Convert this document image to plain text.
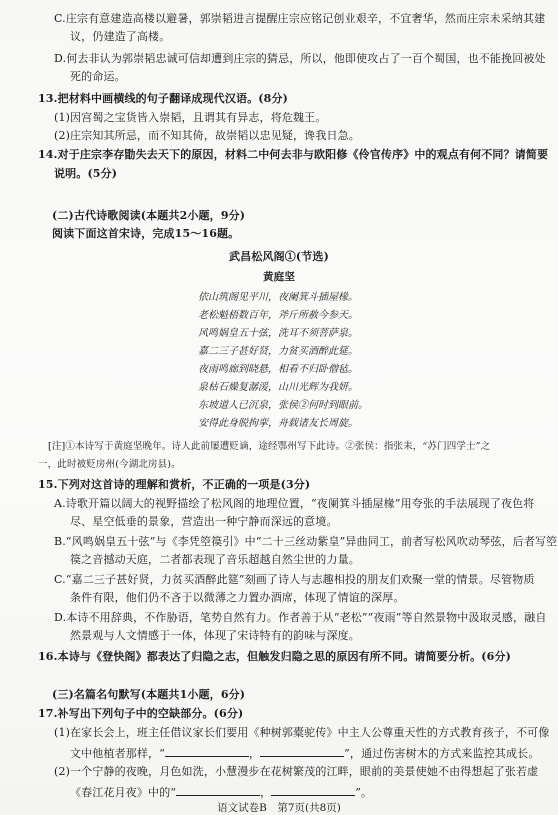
C.庄宗有意建造高楼以避暑，郭崇韬进言提醒庄宗应铭记创业艰辛，不宜奢华，然而庄宗未采纳其建
议，仍建造了高楼。
D.何去非认为郭崇韬忠诚可信却遭到庄宗的猜忌，所以，他即使攻占了一百个蜀国，也不能挽回被处
死的命运。
13.把材料中画横线的句子翻译成现代汉语。(8分)
(1)因宫蜀之宝货皆入崇韬，且谓其有异志，将危魏王。
(2)庄宗知其所忌，而不知其倚，故崇韬以忠见疑，谗我日急。
14.对于庄宗李存勖失去天下的原因，材料二中何去非与欧阳修《伶官传序》中的观点有何不同？请简要
说明。(5分)
(二)古代诗歌阅读(本题共2小题，9分)
阅读下面这首宋诗，完成15～16题。
武昌松风阁①(节选)
黄庭坚
依山筑阁见平川，夜阑箕斗插屋椽。
老松魁梧数百年，斧斤所赦今参天。
风鸣娲皇五十弦，洗耳不须菩萨泉。
嘉二三子甚好贤，力贫买酒醉此筵。
夜雨鸣廊到晓悬，相看不归卧僧毡。
泉枯石燥复潺湲，山川光辉为我妍。
东坡道人已沉泉，张侯②何时到眼前。
安得此身脱拘挛，舟载诸友长周旋。
[注]①本诗写于黄庭坚晚年。诗人此前屡遭贬谪，途经鄂州写下此诗。②张侯：指张耒，“苏门四学士”之
一，此时被贬房州(今湖北房县)。
15.下列对这首诗的理解和赏析，不正确的一项是(3分)
A.诗歌开篇以阔大的视野描绘了松风阁的地理位置，“夜阑箕斗插屋椽”用夸张的手法展现了夜色将
尽、星空低垂的景象，营造出一种宁静而深远的意境。
B.“风鸣娲皇五十弦”与《李凭箜篌引》中“二十三丝动紫皇”异曲同工，前者写松风吹动琴弦，后者写箜
篌之音撼动天庭，二者都表现了音乐超越自然尘世的力量。
C.“嘉二三子甚好贤，力贫买酒醉此筵”刻画了诗人与志趣相投的朋友们欢聚一堂的情景。尽管物质
条件有限，他们仍不吝于以微薄之力置办酒席，体现了情谊的深厚。
D.本诗不用辞典，不作胁语，笔势自然有力。作者善于从“老松”“夜雨”等自然景物中汲取灵感，融自
然景观与人文情感于一体，体现了宋诗特有的韵味与深度。
16.本诗与《登快阁》都表达了归隐之志，但触发归隐之思的原因有所不同。请简要分析。(6分)
(三)名篇名句默写(本题共1小题，6分)
17.补写出下列句子中的空缺部分。(6分)
(1)在家长会上，班主任借议家长们要用《种树郭橐驼传》中主人公尊重天性的方式教育孩子，不可像
文中他植者那样，“	，	”，通过伤害树木的方式来监控其成长。
(2)一个宁静的夜晚，月色如洗，小慧漫步在花树繁茂的江畔，眼前的美景使她不由得想起了张若虚
《春江花月夜》中的“	，	”。
语文试卷B　第7页(共8页)
